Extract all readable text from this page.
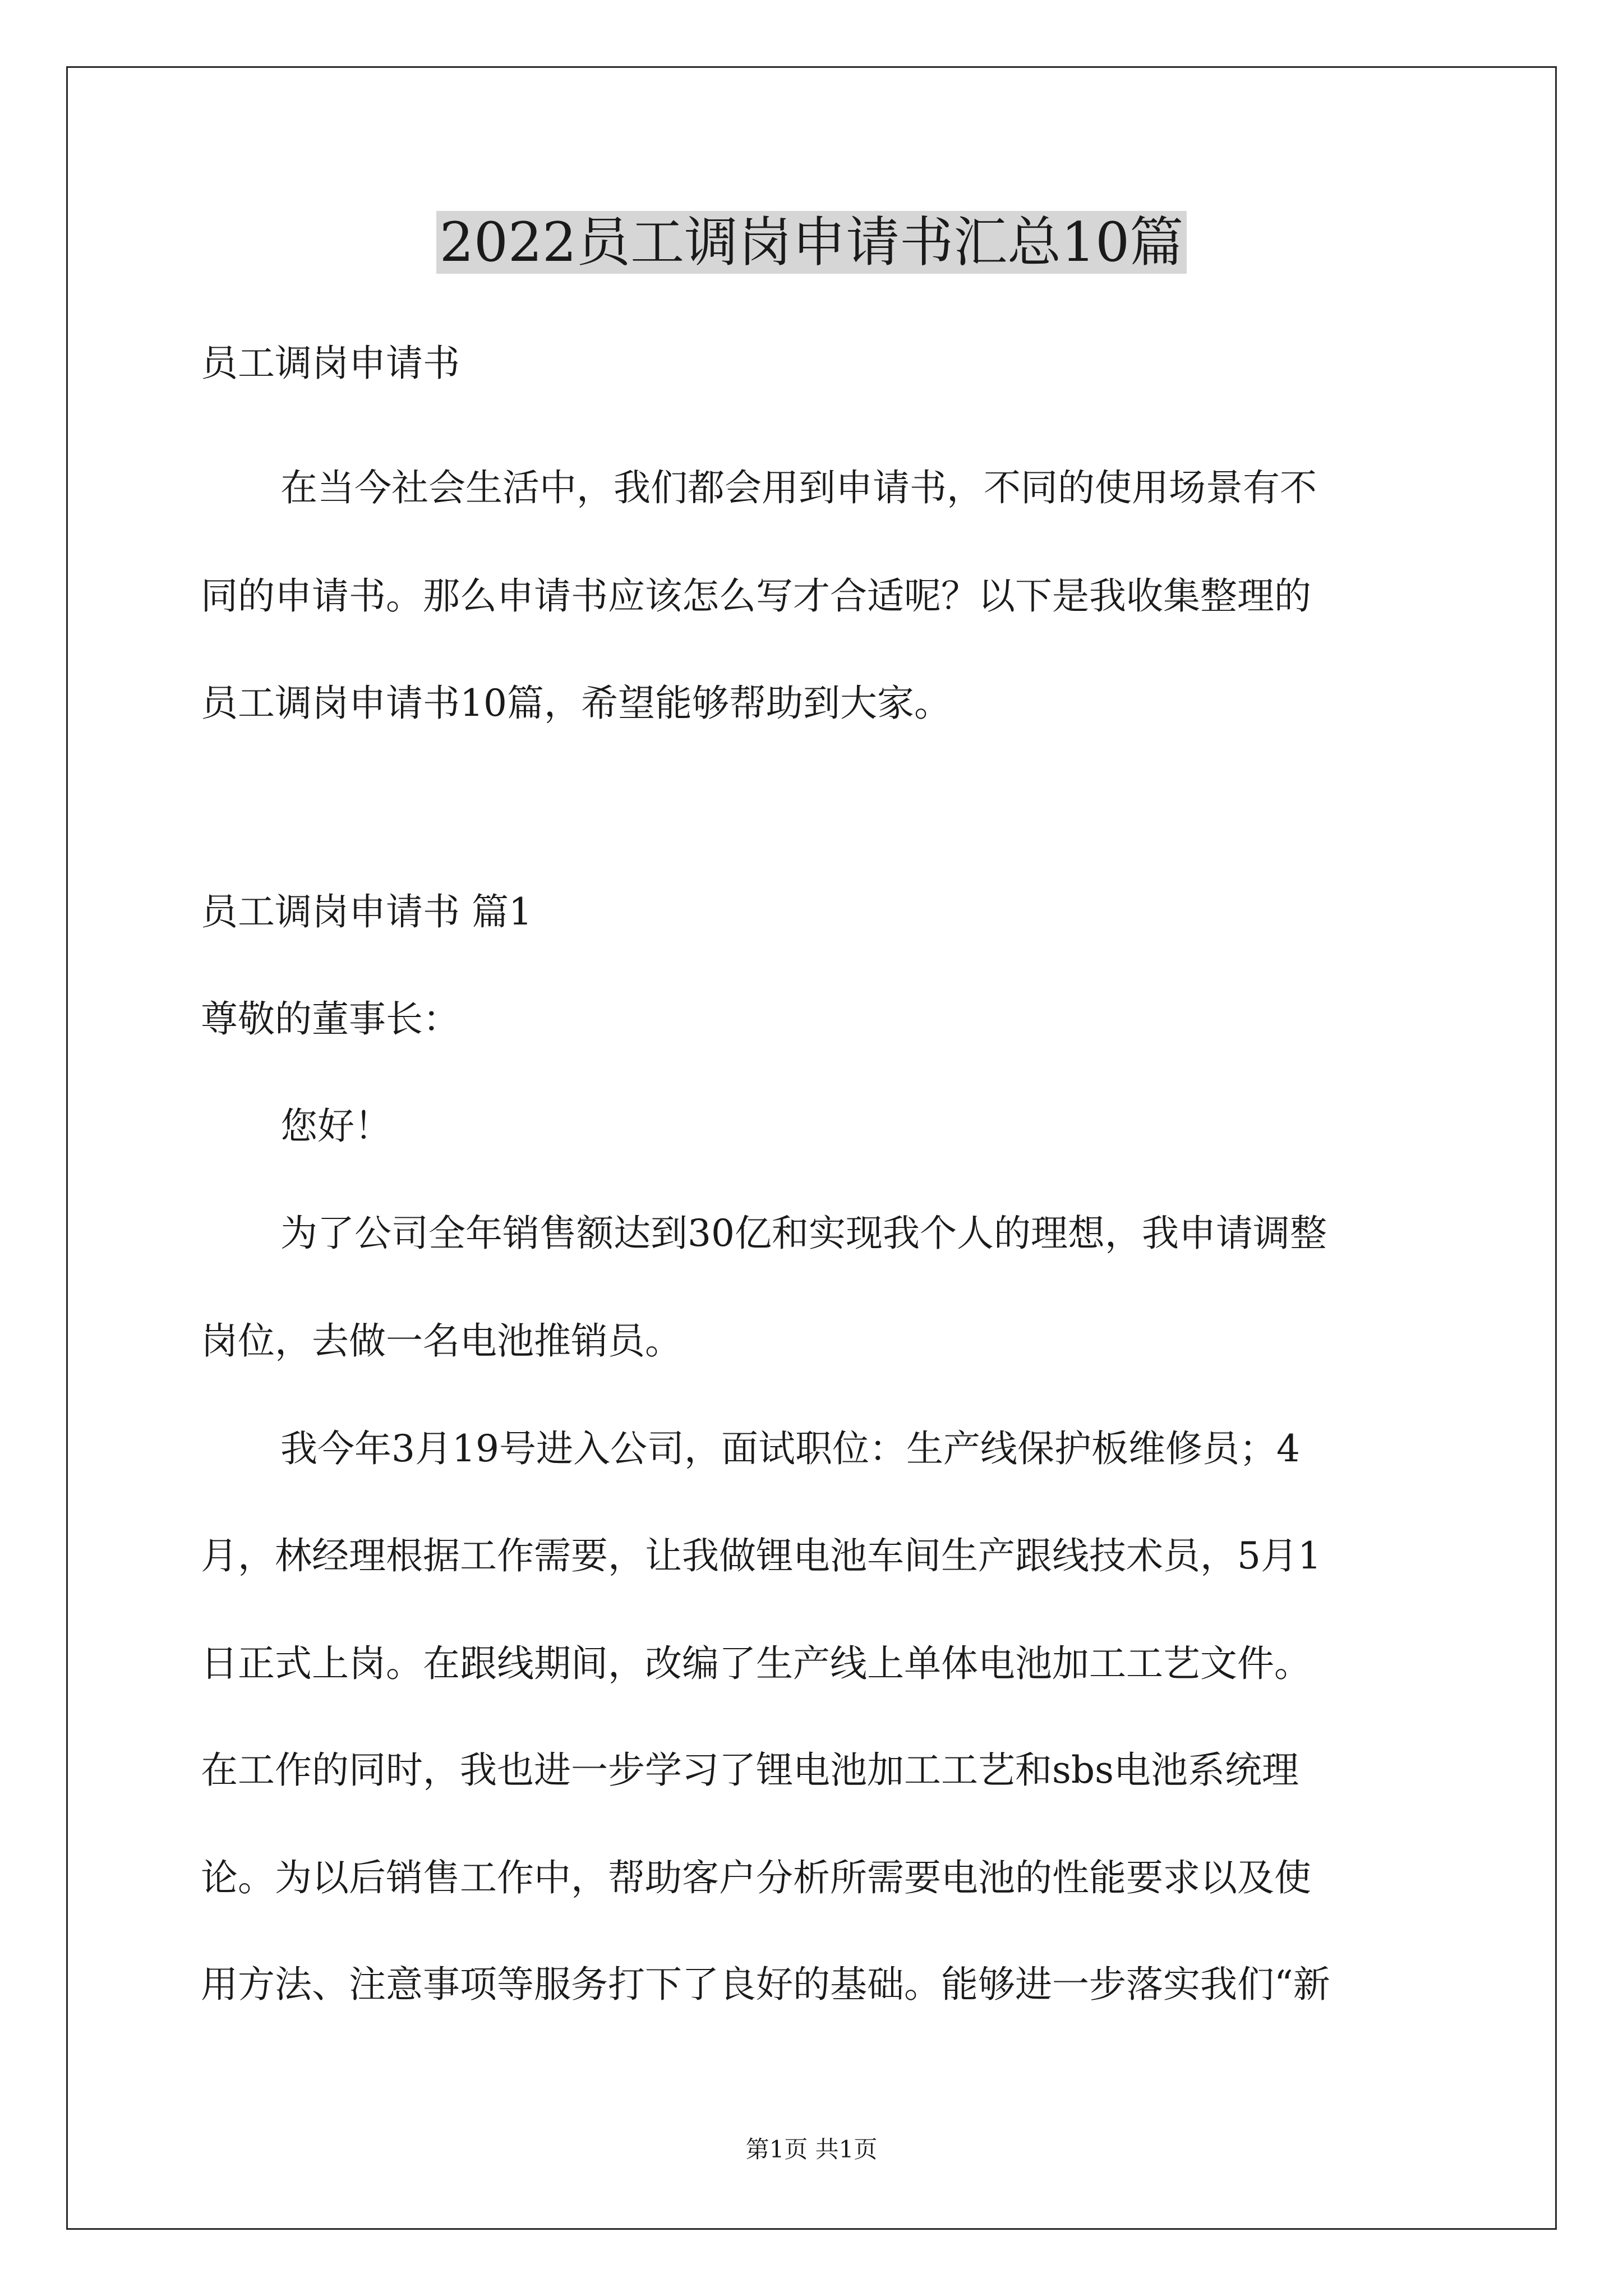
2022员工调岗申请书汇总10篇

员工调岗申请书

在当今社会生活中，我们都会用到申请书，不同的使用场景有不

同的申请书。那么申请书应该怎么写才合适呢？以下是我收集整理的

员工调岗申请书10篇，希望能够帮助到大家。

员工调岗申请书 篇1

尊敬的董事长：

您好！

为了公司全年销售额达到30亿和实现我个人的理想，我申请调整

岗位，去做一名电池推销员。

我今年3月19号进入公司，面试职位：生产线保护板维修员；4

月，林经理根据工作需要，让我做锂电池车间生产跟线技术员，5月1

日正式上岗。在跟线期间，改编了生产线上单体电池加工工艺文件。

在工作的同时，我也进一步学习了锂电池加工工艺和sbs电池系统理

论。为以后销售工作中，帮助客户分析所需要电池的性能要求以及使

用方法、注意事项等服务打下了良好的基础。能够进一步落实我们“新

第1页 共1页
